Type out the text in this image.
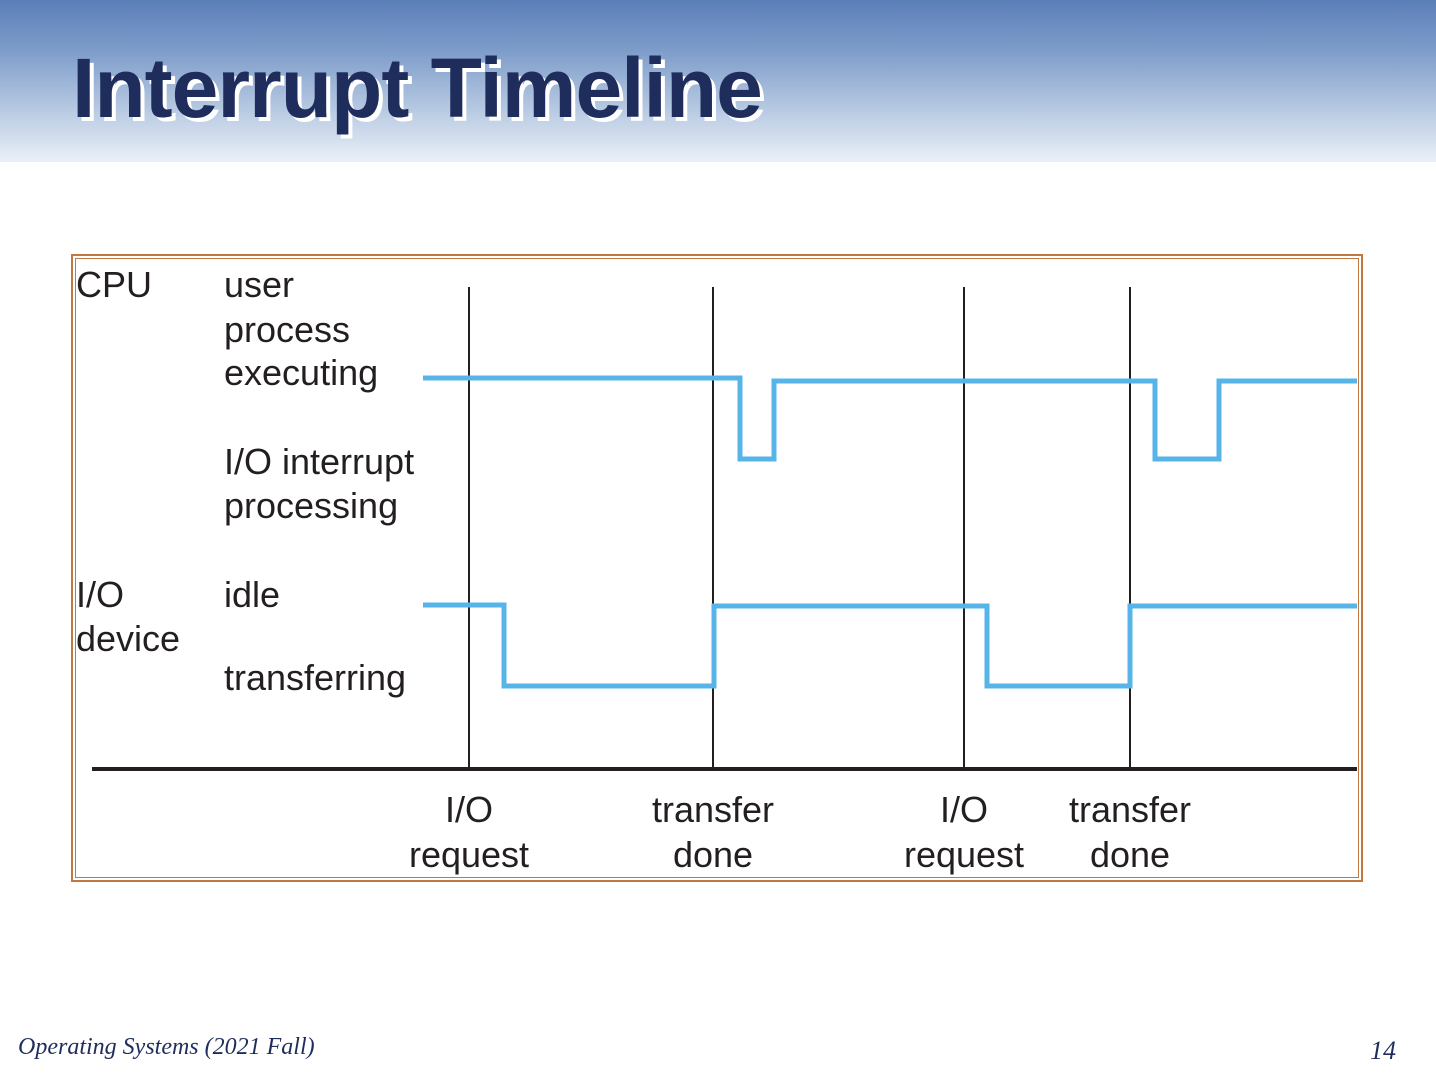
Interrupt Timeline
CPU
I/O
device
user
process
executing
I/O interrupt
processing
idle
transferring
I/O
request
transfer
done
I/O
request
transfer
done
Operating Systems (2021 Fall)	14
